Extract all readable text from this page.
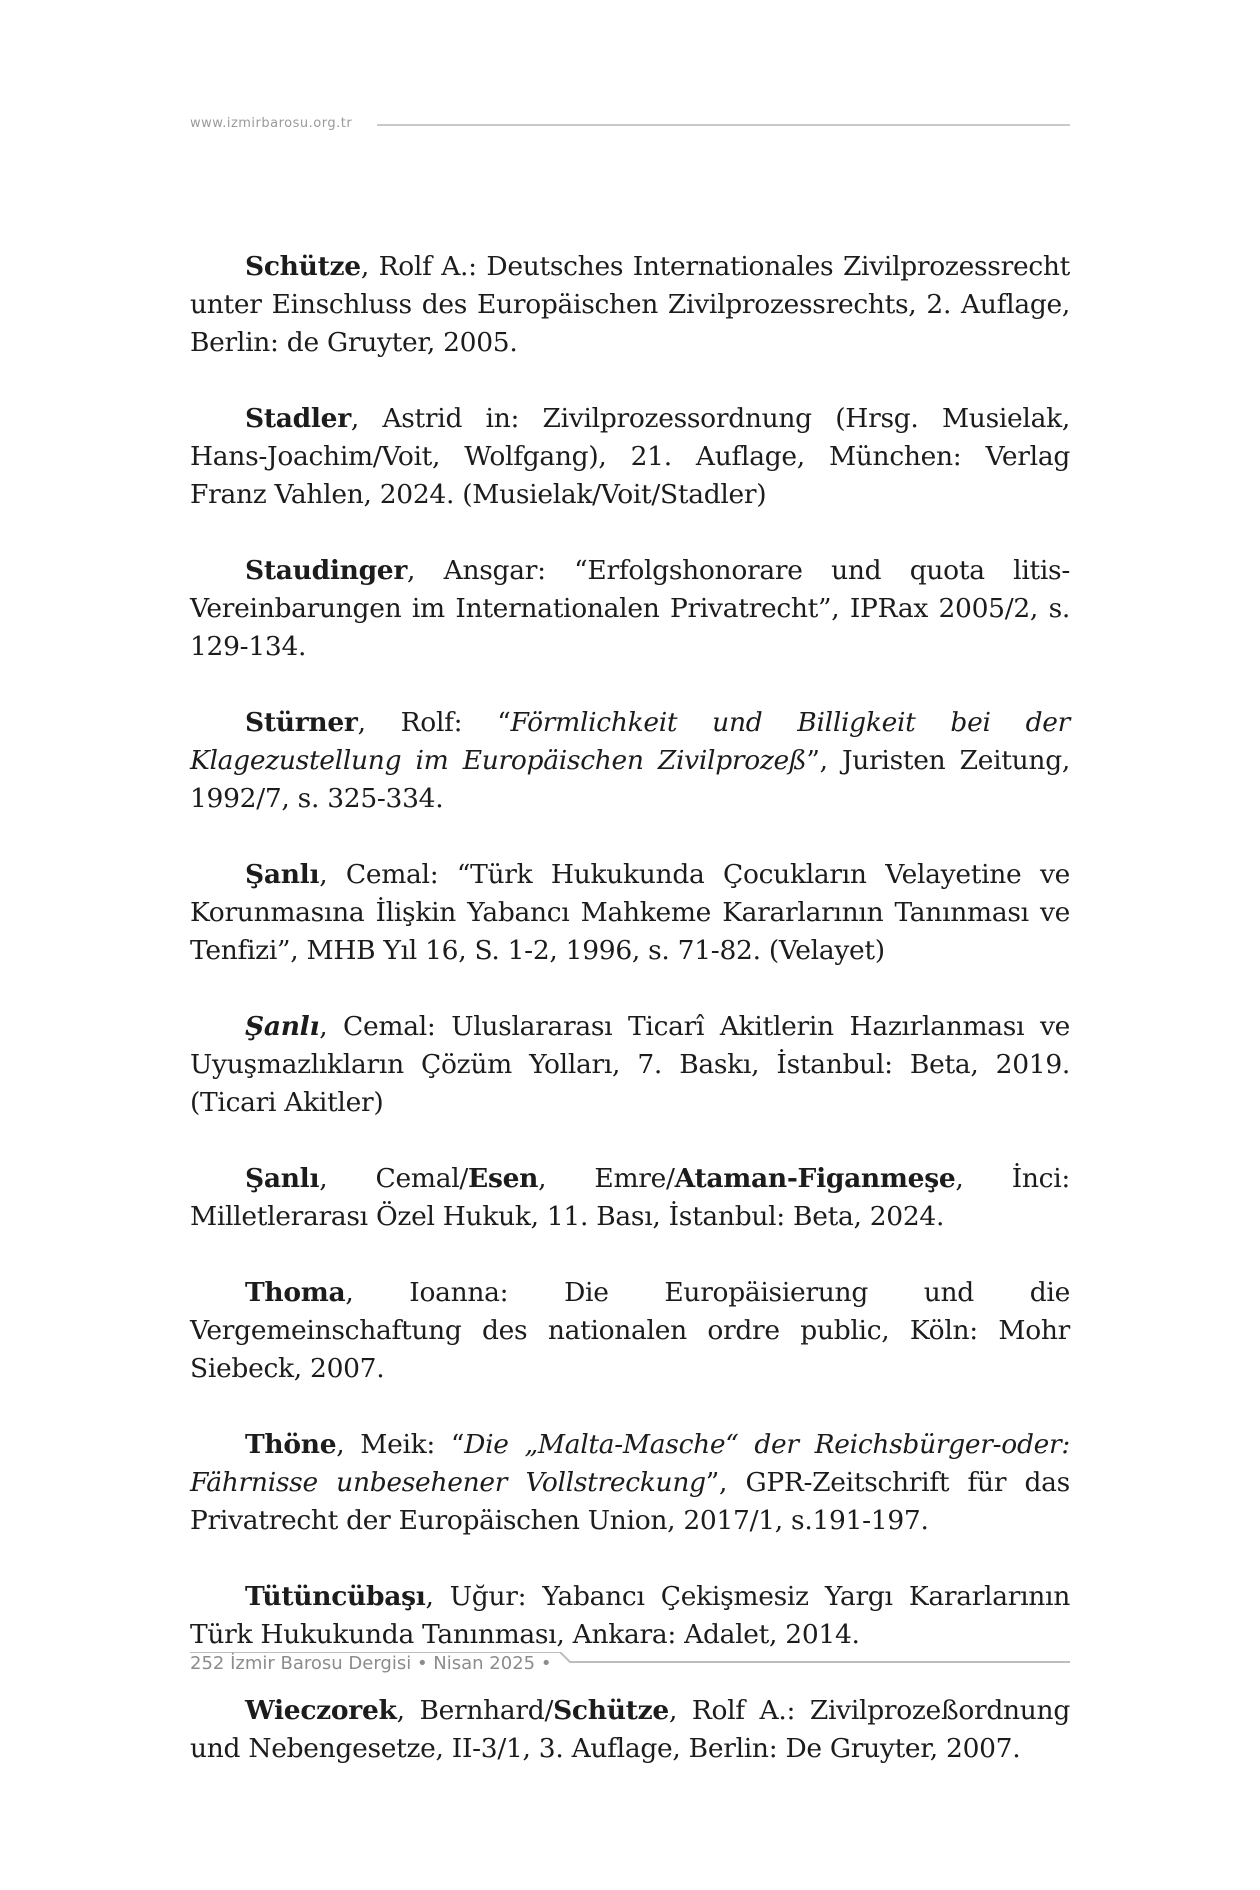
www.izmirbarosu.org.tr

Schütze, Rolf A.: Deutsches Internationales Zivilprozessrecht unter Einschluss des Europäischen Zivilprozessrechts, 2. Auflage, Berlin: de Gruyter, 2005.

Stadler, Astrid in: Zivilprozessordnung (Hrsg. Musielak, Hans-Joachim/Voit, Wolfgang), 21. Auflage, München: Verlag Franz Vahlen, 2024. (Musielak/Voit/Stadler)

Staudinger, Ansgar: “Erfolgshonorare und quota litis-Vereinbarungen im Internationalen Privatrecht”, IPRax 2005/2, s. 129-134.

Stürner, Rolf: “Förmlichkeit und Billigkeit bei der Klagezustellung im Europäischen Zivilprozeß”, Juristen Zeitung, 1992/7, s. 325-334.

Şanlı, Cemal: “Türk Hukukunda Çocukların Velayetine ve Korunmasına İlişkin Yabancı Mahkeme Kararlarının Tanınması ve Tenfizi”, MHB Yıl 16, S. 1-2, 1996, s. 71-82. (Velayet)

Şanlı, Cemal: Uluslararası Ticarî Akitlerin Hazırlanması ve Uyuşmazlıkların Çözüm Yolları, 7. Baskı, İstanbul: Beta, 2019. (Ticari Akitler)

Şanlı, Cemal/Esen, Emre/Ataman-Figanmeşe, İnci: Milletlerarası Özel Hukuk, 11. Bası, İstanbul: Beta, 2024.

Thoma, Ioanna: Die Europäisierung und die Vergemeinschaftung des nationalen ordre public, Köln: Mohr Siebeck, 2007.

Thöne, Meik: “Die „Malta-Masche“ der Reichsbürger-oder: Fährnisse unbesehener Vollstreckung”, GPR-Zeitschrift für das Privatrecht der Europäischen Union, 2017/1, s.191-197.

Tütüncübaşı, Uğur: Yabancı Çekişmesiz Yargı Kararlarının Türk Hukukunda Tanınması, Ankara: Adalet, 2014.

Wieczorek, Bernhard/Schütze, Rolf A.: Zivilprozeßordnung und Nebengesetze, II-3/1, 3. Auflage, Berlin: De Gruyter, 2007.

252 İzmir Barosu Dergisi • Nisan 2025 •
